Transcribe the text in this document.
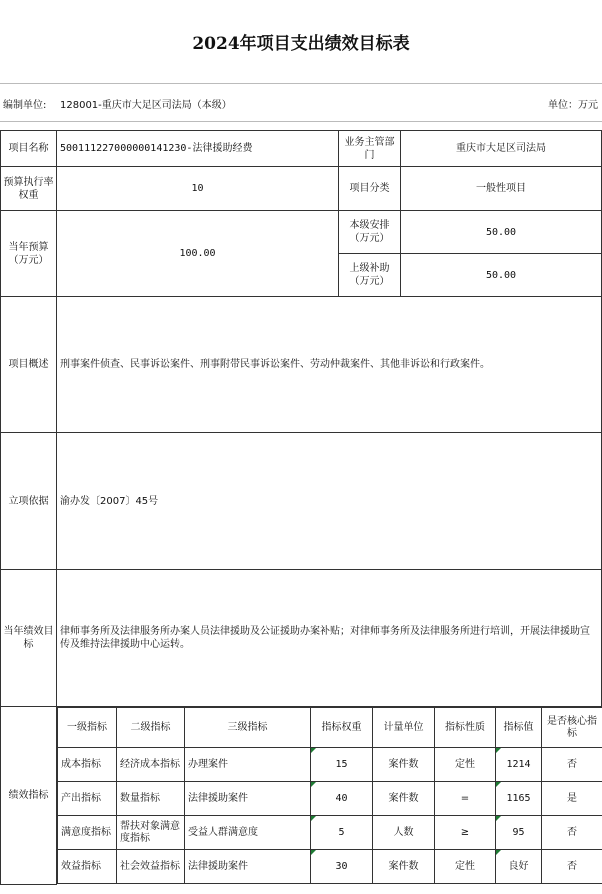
2024年项目支出绩效目标表
编制单位: 128001-重庆市大足区司法局（本级）	单位：万元
项目名称	500111227000000141230-法律援助经费	业务主管部门	重庆市大足区司法局
预算执行率权重	10	项目分类	一般性项目
当年预算（万元）	100.00	本级安排（万元）	50.00
上级补助（万元）	50.00
项目概述	刑事案件侦查、民事诉讼案件、刑事附带民事诉讼案件、劳动仲裁案件、其他非诉讼和行政案件。
立项依据	渝办发〔2007〕45号
当年绩效目标	律师事务所及法律服务所办案人员法律援助及公证援助办案补贴；对律师事务所及法律服务所进行培训，开展法律援助宣传及维持法律援助中心运转。
绩效指标	
一级指标	二级指标	三级指标	指标权重	计量单位	指标性质	指标值	是否核心指标
成本指标	经济成本指标	办理案件	15	案件数	定性	1214	否
产出指标	数量指标	法律援助案件	40	案件数	=	1165	是
满意度指标	帮扶对象满意度指标	受益人群满意度	5	人数	≥	95	否
效益指标	社会效益指标	法律援助案件	30	案件数	定性	良好	否
